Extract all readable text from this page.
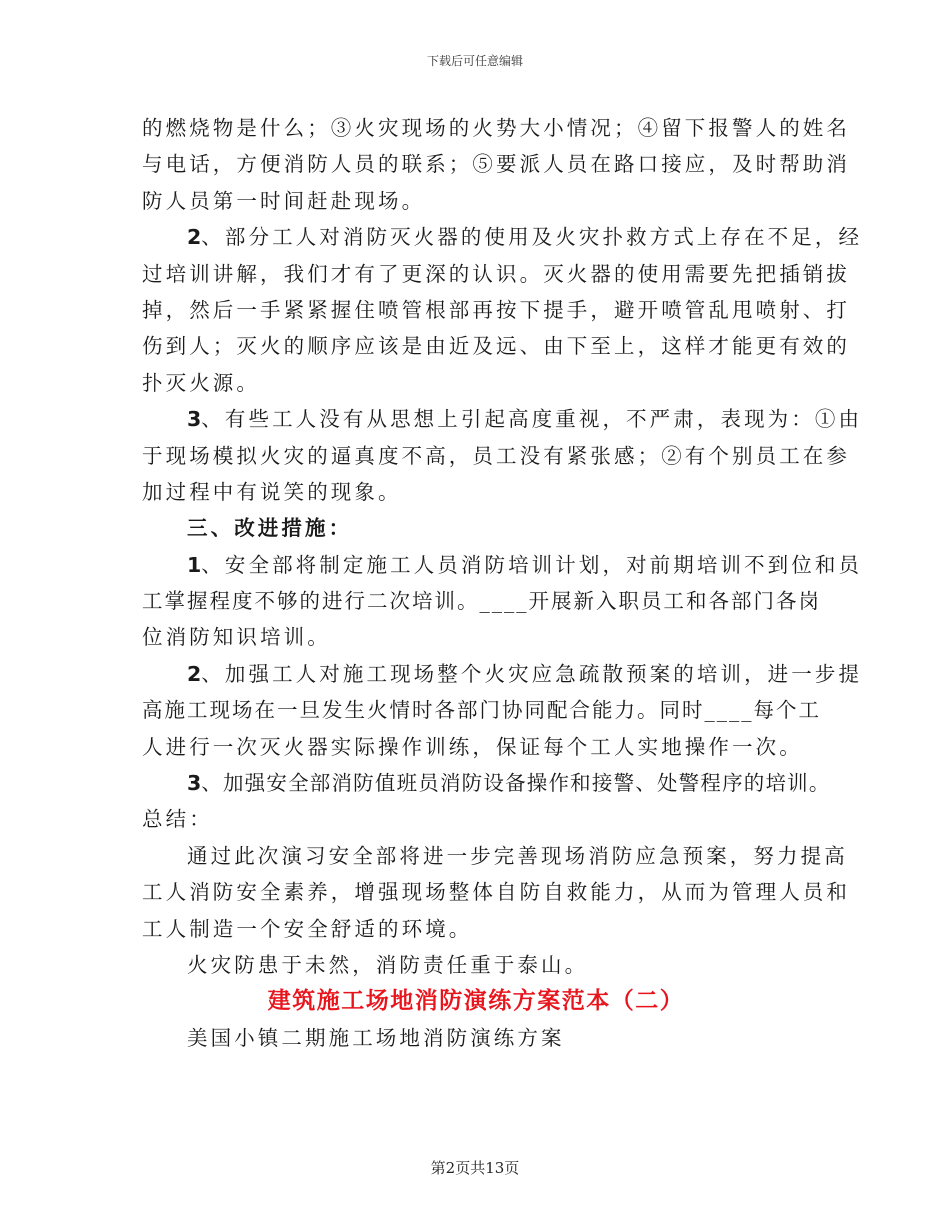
下载后可任意编辑
的燃烧物是什么；③火灾现场的火势大小情况；④留下报警人的姓名
与电话，方便消防人员的联系；⑤要派人员在路口接应，及时帮助消
防人员第一时间赶赴现场。
2、部分工人对消防灭火器的使用及火灾扑救方式上存在不足，经
过培训讲解，我们才有了更深的认识。灭火器的使用需要先把插销拔
掉，然后一手紧紧握住喷管根部再按下提手，避开喷管乱甩喷射、打
伤到人；灭火的顺序应该是由近及远、由下至上，这样才能更有效的
扑灭火源。
3、有些工人没有从思想上引起高度重视，不严肃，表现为：①由
于现场模拟火灾的逼真度不高，员工没有紧张感；②有个别员工在参
加过程中有说笑的现象。
三、改进措施：
1、安全部将制定施工人员消防培训计划，对前期培训不到位和员
工掌握程度不够的进行二次培训。____开展新入职员工和各部门各岗
位消防知识培训。
2、加强工人对施工现场整个火灾应急疏散预案的培训，进一步提
高施工现场在一旦发生火情时各部门协同配合能力。同时____每个工
人进行一次灭火器实际操作训练，保证每个工人实地操作一次。
3、加强安全部消防值班员消防设备操作和接警、处警程序的培训。
总结：
通过此次演习安全部将进一步完善现场消防应急预案，努力提高
工人消防安全素养，增强现场整体自防自救能力，从而为管理人员和
工人制造一个安全舒适的环境。
火灾防患于未然，消防责任重于泰山。
建筑施工场地消防演练方案范本（二）
美国小镇二期施工场地消防演练方案
第2页共13页
